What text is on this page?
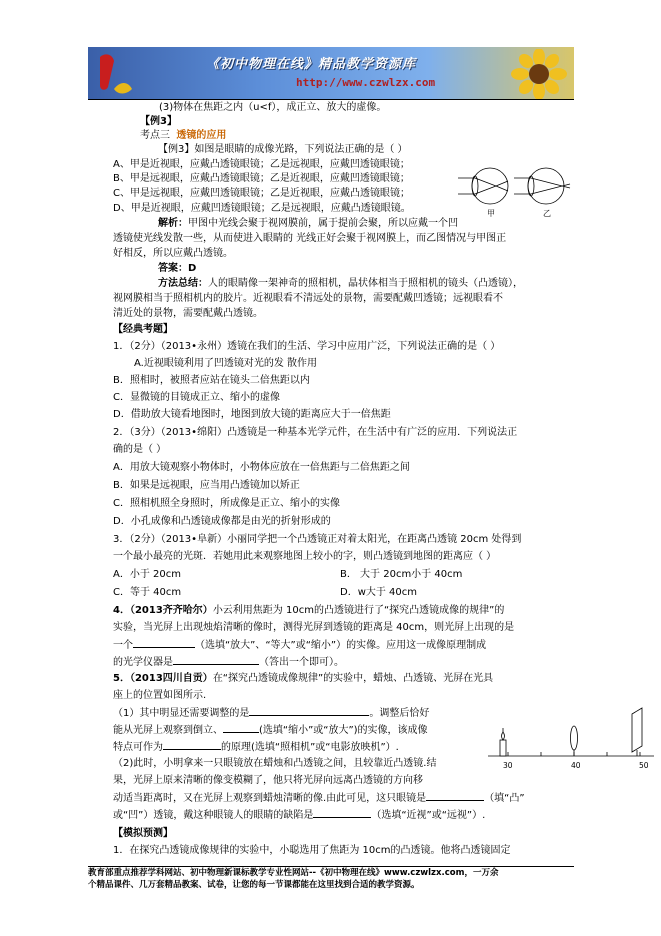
《初中物理在线》精品教学资源库
http://www.czwlzx.com
(3)物体在焦距之内（u<f），成正立、放大的虚像。
【例3】
考点三 透镜的应用
【例3】如图是眼睛的成像光路，下列说法正确的是（ ）
A、甲是近视眼，应戴凸透镜眼镜；乙是远视眼，应戴凹透镜眼镜；
B、甲是远视眼，应戴凸透镜眼镜；乙是近视眼，应戴凹透镜眼镜；
C、甲是远视眼，应戴凹透镜眼镜；乙是近视眼，应戴凸透镜眼镜；
D、甲是近视眼，应戴凹透镜眼镜；乙是远视眼，应戴凸透镜眼镜。	甲	乙
解析：甲图中光线会聚于视网膜前，属于提前会聚，所以应戴一个凹
透镜使光线发散一些，从而使进入眼睛的 光线正好会聚于视网膜上，而乙图情况与甲图正
好相反，所以应戴凸透镜。
答案：D
方法总结：人的眼睛像一架神奇的照相机，晶状体相当于照相机的镜头（凸透镜），
视网膜相当于照相机内的胶片。近视眼看不清远处的景物，需要配戴凹透镜；远视眼看不
清近处的景物，需要配戴凸透镜。
【经典考题】
1．（2分）（2013•永州）透镜在我们的生活、学习中应用广泛，下列说法正确的是（ ）
A.近视眼镜利用了凹透镜对光的发 散作用
B．照相时，被照者应站在镜头二倍焦距以内
C．显微镜的目镜成正立、缩小的虚像
D．借助放大镜看地图时，地图到放大镜的距离应大于一倍焦距
2．（3分）（2013•绵阳）凸透镜是一种基本光学元件，在生活中有广泛的应用．下列说法正
确的是（ ）
A．用放大镜观察小物体时，小物体应放在一倍焦距与二倍焦距之间
B．如果是远视眼，应当用凸透镜加以矫正
C．照相机照全身照时，所成像是正立、缩小的实像
D．小孔成像和凸透镜成像都是由光的折射形成的
3．（2分）（2013•阜新）小丽同学把一个凸透镜正对着太阳光，在距离凸透镜 20cm 处得到
一个最小最亮的光斑．若她用此来观察地图上较小的字，则凸透镜到地图的距离应（ ）
A．小于 20cm	B． 大于 20cm小于 40cm
C．等于 40cm	D．w大于 40cm
4．（2013齐齐哈尔）小云利用焦距为 10cm的凸透镜进行了“探究凸透镜成像的规律”的
实验，当光屏上出现烛焰清晰的像时，测得光屏到透镜的距离是 40cm，则光屏上出现的是
一个	（选填“放大”、“等大”或“缩小”）的实像。应用这一成像原理制成
的光学仪器是	（答出一个即可）。
5．（2013四川自贡）在“探究凸透镜成像规律”的实验中，蜡烛、凸透镜、光屏在光具
座上的位置如图所示.
（1）其中明显还需要调整的是	。调整后恰好
能从光屏上观察到倒立、	(选填“缩小”或“放大”)的实像，该成像
特点可作为	的原理(选填“照相机”或“电影放映机”）.
（2)此时，小明拿来一只眼镜放在蜡烛和凸透镜之间，且较靠近凸透镜.结
果，光屏上原来清晰的像变模糊了，他只将光屏向远离凸透镜的方向移
动适当距离时，又在光屏上观察到蜡烛清晰的像.由此可见，这只眼镜是	（填“凸”
或“凹”）透镜，戴这种眼镜人的眼睛的缺陷是	（选填“近视”或“远视”）.
30	40	50
【模拟预测】
1．在探究凸透镜成像规律的实验中，小聪选用了焦距为 10cm的凸透镜。他将凸透镜固定
教育部重点推荐学科网站、初中物理新课标教学专业性网站--《初中物理在线》www.czwlzx.com，一万余
个精品课件、几万套精品教案、试卷，让您的每一节课都能在这里找到合适的教学资源。
